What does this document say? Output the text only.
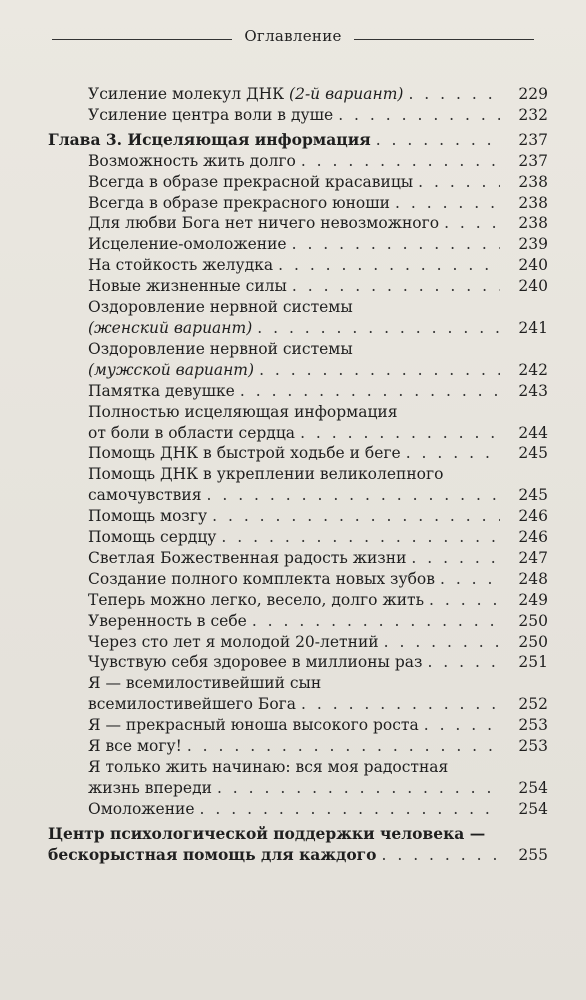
Оглавление
Усиление молекул ДНК (2-й вариант) . . .	229
Усиление центра воли в душе . . .	232
Глава 3. Исцеляющая информация . . .	237
Возможность жить долго . . .	237
Всегда в образе прекрасной красавицы . . .	238
Всегда в образе прекрасного юноши . . .	238
Для любви Бога нет ничего невозможного . . .	238
Исцеление-омоложение . . .	239
На стойкость желудка . . .	240
Новые жизненные силы . . .	240
Оздоровление нервной системы
(женский вариант) . . .	241
Оздоровление нервной системы
(мужской вариант) . . .	242
Памятка девушке . . .	243
Полностью исцеляющая информация
от боли в области сердца . . .	244
Помощь ДНК в быстрой ходьбе и беге . . .	245
Помощь ДНК в укреплении великолепного
самочувствия . . .	245
Помощь мозгу . . .	246
Помощь сердцу . . .	246
Светлая Божественная радость жизни . . .	247
Создание полного комплекта новых зубов . . .	248
Теперь можно легко, весело, долго жить . . .	249
Уверенность в себе . . .	250
Через сто лет я молодой 20-летний . . .	250
Чувствую себя здоровее в миллионы раз . . .	251
Я — всемилостивейший сын
всемилостивейшего Бога . . .	252
Я — прекрасный юноша высокого роста . . .	253
Я все могу! . . .	253
Я только жить начинаю: вся моя радостная
жизнь впереди . . .	254
Омоложение . . .	254
Центр психологической поддержки человека —
бескорыстная помощь для каждого . . .	255
